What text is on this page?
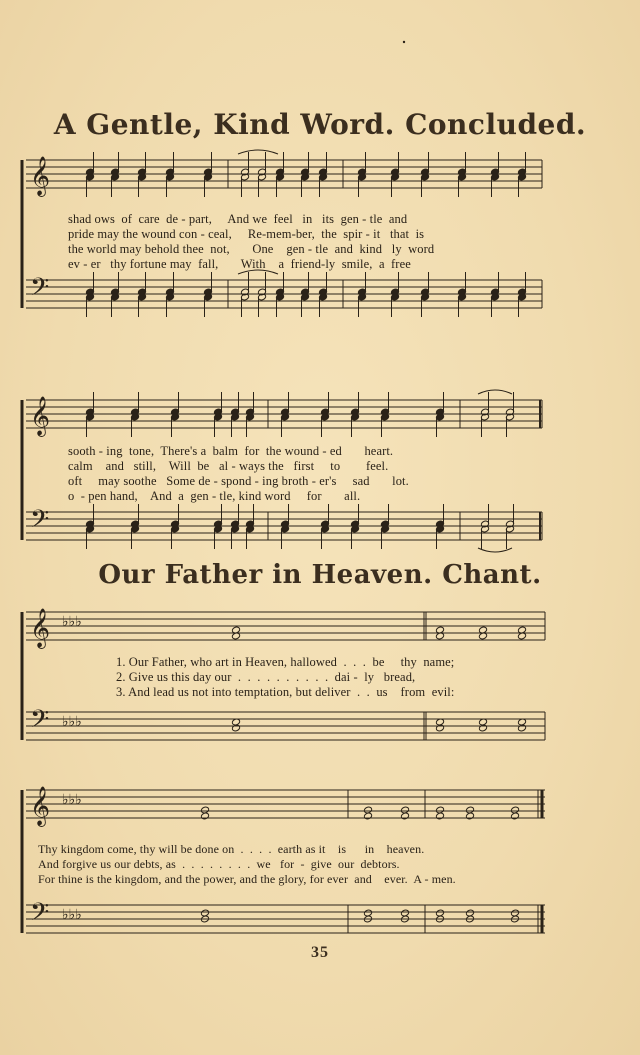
A Gentle, Kind Word. Concluded.
Our Father in Heaven. Chant.
𝄞
𝄢
𝄞
𝄢
𝄞
𝄢
♭♭♭
♭♭♭
𝄞
𝄢
♭♭♭
♭♭♭
shad ows  of  care  de - part,     And we  feel   in   its  gen - tle  and
pride may the wound con - ceal,     Re-mem-ber,  the  spir - it   that  is
the world may behold thee  not,       One    gen - tle  and  kind   ly  word
ev - er   thy fortune may  fall,       With    a  friend-ly  smile,  a  free
sooth - ing  tone,  There's a  balm  for  the wound - ed       heart.
calm    and   still,    Will  be   al - ways the   first     to        feel.
oft     may soothe   Some de - spond - ing broth - er's     sad       lot.
o  - pen hand,    And  a  gen - tle, kind word     for       all.
1. Our Father, who art in Heaven, hallowed  .  .  .  be     thy  name;
2. Give us this day our  .  .  .  .  .  .  .  .  .  .  dai -  ly   bread,
3. And lead us not into temptation, but deliver  .  .  us    from  evil:
Thy kingdom come, thy will be done on  .  .  .  .  earth as it    is      in    heaven.
And forgive us our debts, as  .  .  .  .  .  .  .  .  we   for  -  give  our  debtors.
For thine is the kingdom, and the power, and the glory, for ever  and    ever.  A - men.
35
